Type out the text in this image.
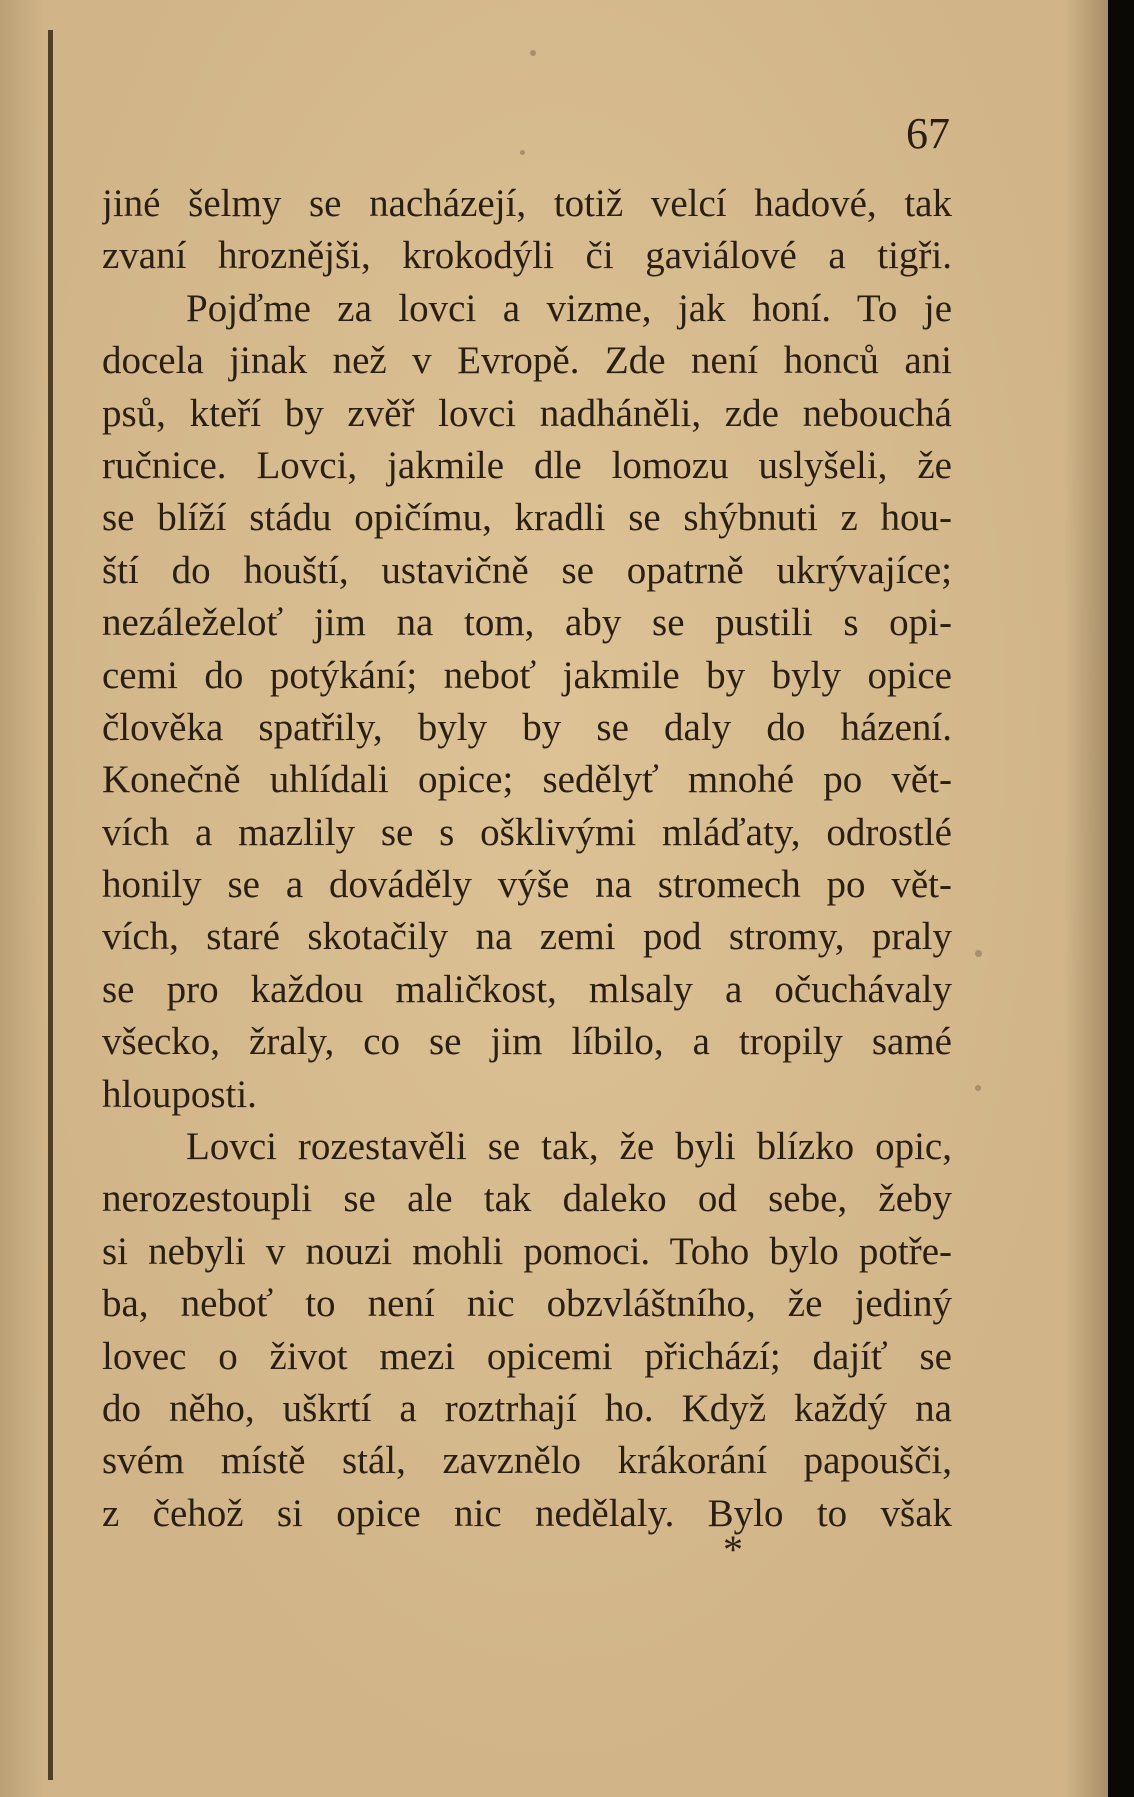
67
jiné šelmy se nacházejí, totiž velcí hadové, tak
zvaní hroznějši, krokodýli či gaviálové a tigři.
Pojďme za lovci a vizme, jak honí. To je
docela jinak než v Evropě. Zde není honců ani
psů, kteří by zvěř lovci nadháněli, zde nebouchá
ručnice. Lovci, jakmile dle lomozu uslyšeli, že
se blíží stádu opičímu, kradli se shýbnuti z hou-
ští do houští, ustavičně se opatrně ukrývajíce;
nezáleželoť jim na tom, aby se pustili s opi-
cemi do potýkání; neboť jakmile by byly opice
člověka spatřily, byly by se daly do házení.
Konečně uhlídali opice; sedělyť mnohé po vět-
vích a mazlily se s ošklivými mláďaty, odrostlé
honily se a dováděly výše na stromech po vět-
vích, staré skotačily na zemi pod stromy, praly
se pro každou maličkost, mlsaly a očuchávaly
všecko, žraly, co se jim líbilo, a tropily samé
hlouposti.
Lovci rozestavěli se tak, že byli blízko opic,
nerozestoupli se ale tak daleko od sebe, žeby
si nebyli v nouzi mohli pomoci. Toho bylo potře-
ba, neboť to není nic obzvláštního, že jediný
lovec o život mezi opicemi přichází; dajíť se
do něho, uškrtí a roztrhají ho. Když každý na
svém místě stál, zavznělo krákorání papoušči,
z čehož si opice nic nedělaly. Bylo to však
*
